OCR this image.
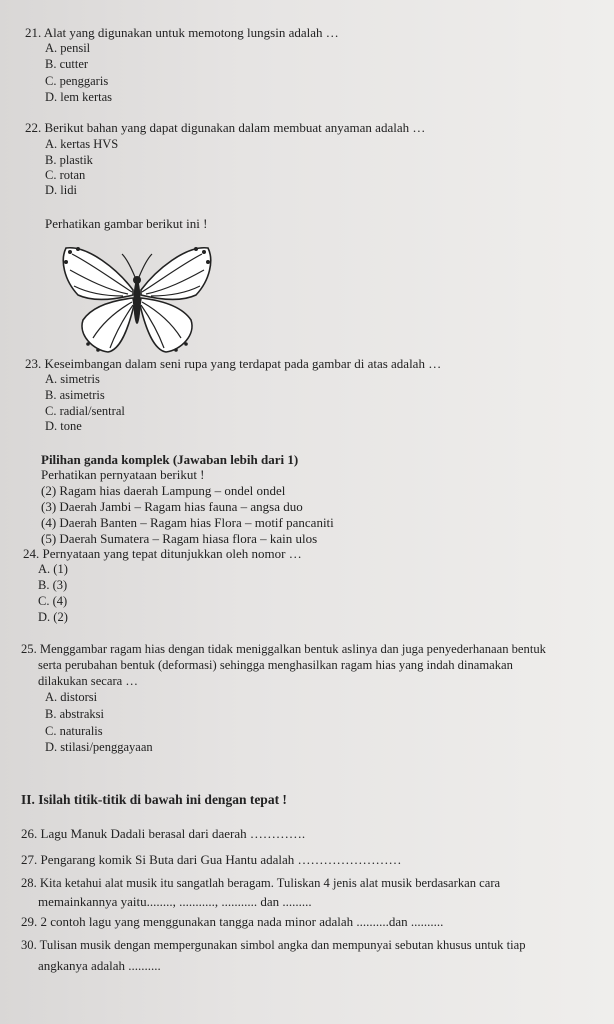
21. Alat yang digunakan untuk memotong lungsin adalah …
A. pensil
B. cutter
C. penggaris
D. lem kertas
22. Berikut bahan yang dapat digunakan dalam membuat anyaman adalah …
A. kertas HVS
B. plastik
C. rotan
D. lidi
Perhatikan gambar berikut ini !
23. Keseimbangan dalam seni rupa yang terdapat pada gambar di atas adalah …
A. simetris
B. asimetris
C. radial/sentral
D. tone
Pilihan ganda komplek (Jawaban lebih dari 1)
Perhatikan pernyataan berikut !
(2) Ragam hias daerah Lampung – ondel ondel
(3) Daerah Jambi – Ragam hias fauna – angsa duo
(4) Daerah Banten – Ragam hias Flora – motif pancaniti
(5) Daerah Sumatera – Ragam hiasa flora – kain ulos
24. Pernyataan yang tepat ditunjukkan oleh nomor …
A. (1)
B. (3)
C. (4)
D. (2)
25. Menggambar ragam hias dengan tidak meniggalkan bentuk aslinya dan juga penyederhanaan bentuk
serta perubahan bentuk (deformasi) sehingga menghasilkan ragam hias yang indah dinamakan
dilakukan secara …
A. distorsi
B. abstraksi
C. naturalis
D. stilasi/penggayaan
II. Isilah titik-titik di bawah ini dengan tepat !
26. Lagu Manuk Dadali berasal dari daerah ………….
27. Pengarang komik Si Buta dari Gua Hantu adalah ……………………
28. Kita ketahui alat musik itu sangatlah beragam. Tuliskan 4 jenis alat musik berdasarkan cara
memainkannya yaitu........, ..........., ........... dan .........
29. 2 contoh lagu yang menggunakan tangga nada minor adalah ..........dan ..........
30. Tulisan musik dengan mempergunakan simbol angka dan mempunyai sebutan khusus untuk tiap
angkanya adalah ..........
